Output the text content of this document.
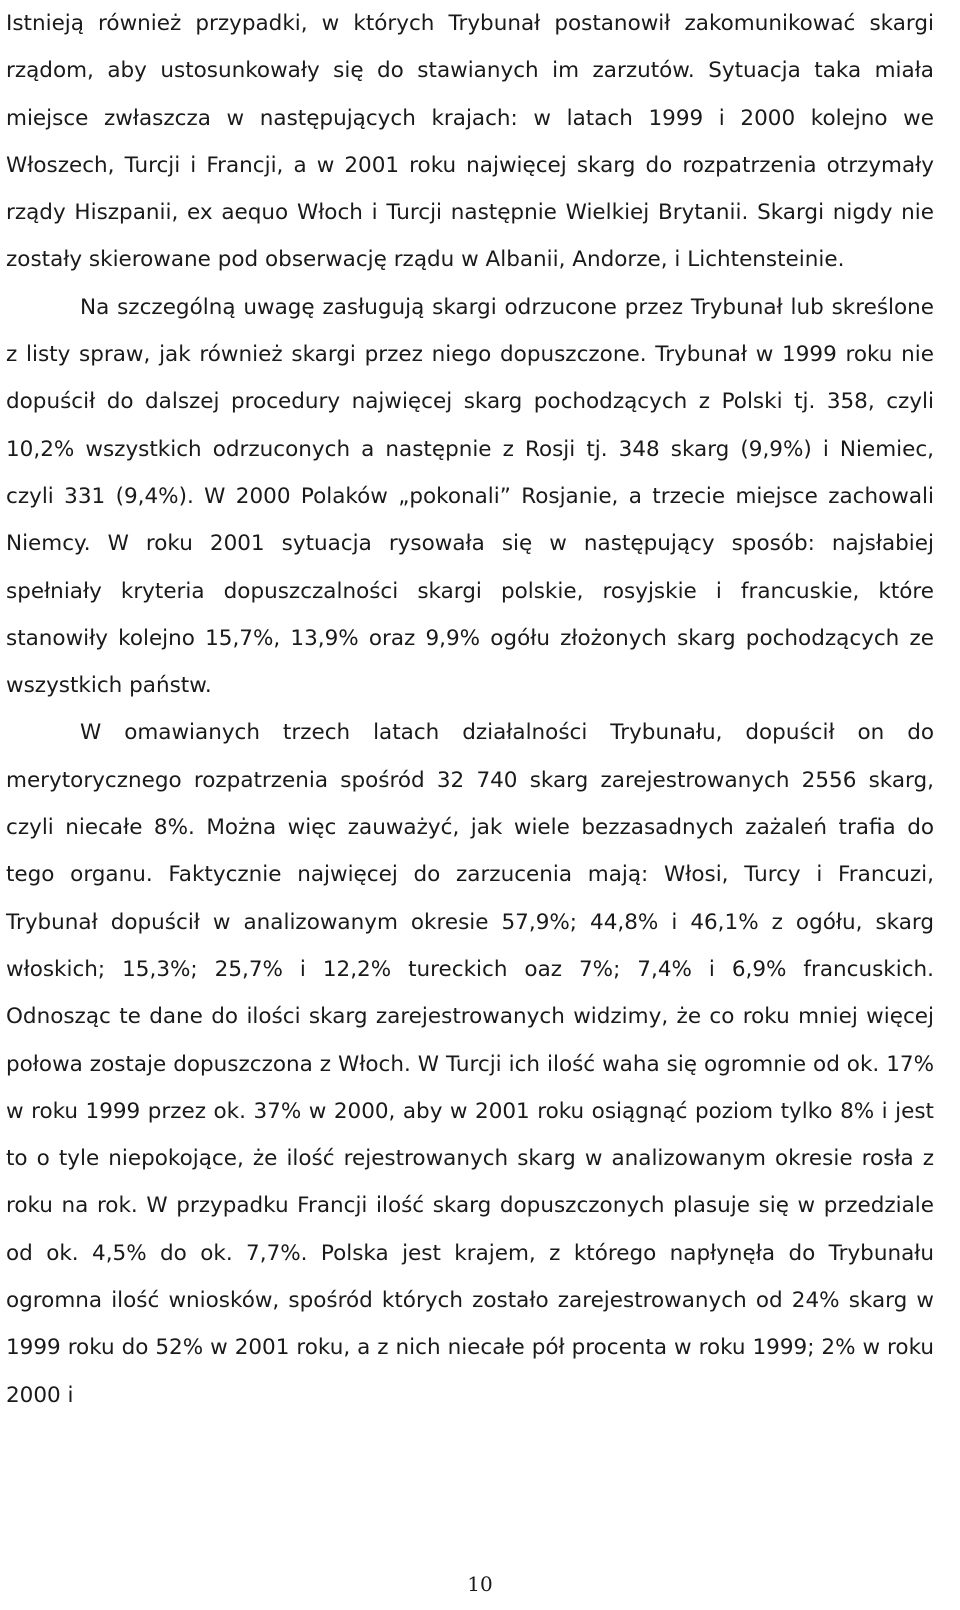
Istnieją również przypadki, w których Trybunał postanowił zakomunikować skargi rządom, aby ustosunkowały się do stawianych im zarzutów. Sytuacja taka miała miejsce zwłaszcza w następujących krajach: w latach 1999 i 2000 kolejno we Włoszech, Turcji i Francji, a w 2001 roku najwięcej skarg do rozpatrzenia otrzymały rządy Hiszpanii, ex aequo Włoch i Turcji następnie Wielkiej Brytanii. Skargi nigdy nie zostały skierowane pod obserwację rządu w Albanii, Andorze, i Lichtensteinie.

Na szczególną uwagę zasługują skargi odrzucone przez Trybunał lub skreślone z listy spraw, jak również skargi przez niego dopuszczone. Trybunał w 1999 roku nie dopuścił do dalszej procedury najwięcej skarg pochodzących z Polski tj. 358, czyli 10,2% wszystkich odrzuconych a następnie z Rosji tj. 348 skarg (9,9%) i Niemiec, czyli 331 (9,4%). W 2000 Polaków „pokonali” Rosjanie, a trzecie miejsce zachowali Niemcy. W roku 2001 sytuacja rysowała się w następujący sposób: najsłabiej spełniały kryteria dopuszczalności skargi polskie, rosyjskie i francuskie, które stanowiły kolejno 15,7%, 13,9% oraz 9,9% ogółu złożonych skarg pochodzących ze wszystkich państw.

W omawianych trzech latach działalności Trybunału, dopuścił on do merytorycznego rozpatrzenia spośród 32 740 skarg zarejestrowanych 2556 skarg, czyli niecałe 8%. Można więc zauważyć, jak wiele bezzasadnych zażaleń trafia do tego organu. Faktycznie najwięcej do zarzucenia mają: Włosi, Turcy i Francuzi, Trybunał dopuścił w analizowanym okresie 57,9%; 44,8% i 46,1% z ogółu, skarg włoskich; 15,3%; 25,7% i 12,2% tureckich oaz 7%; 7,4% i 6,9% francuskich. Odnosząc te dane do ilości skarg zarejestrowanych widzimy, że co roku mniej więcej połowa zostaje dopuszczona z Włoch. W Turcji ich ilość waha się ogromnie od ok. 17% w roku 1999 przez ok. 37% w 2000, aby w 2001 roku osiągnąć poziom tylko 8% i jest to o tyle niepokojące, że ilość rejestrowanych skarg w analizowanym okresie rosła z roku na rok. W przypadku Francji ilość skarg dopuszczonych plasuje się w przedziale od ok. 4,5% do ok. 7,7%. Polska jest krajem, z którego napłynęła do Trybunału ogromna ilość wniosków, spośród których zostało zarejestrowanych od 24% skarg w 1999 roku do 52% w 2001 roku, a z nich niecałe pół procenta w roku 1999; 2% w roku 2000 i

10
